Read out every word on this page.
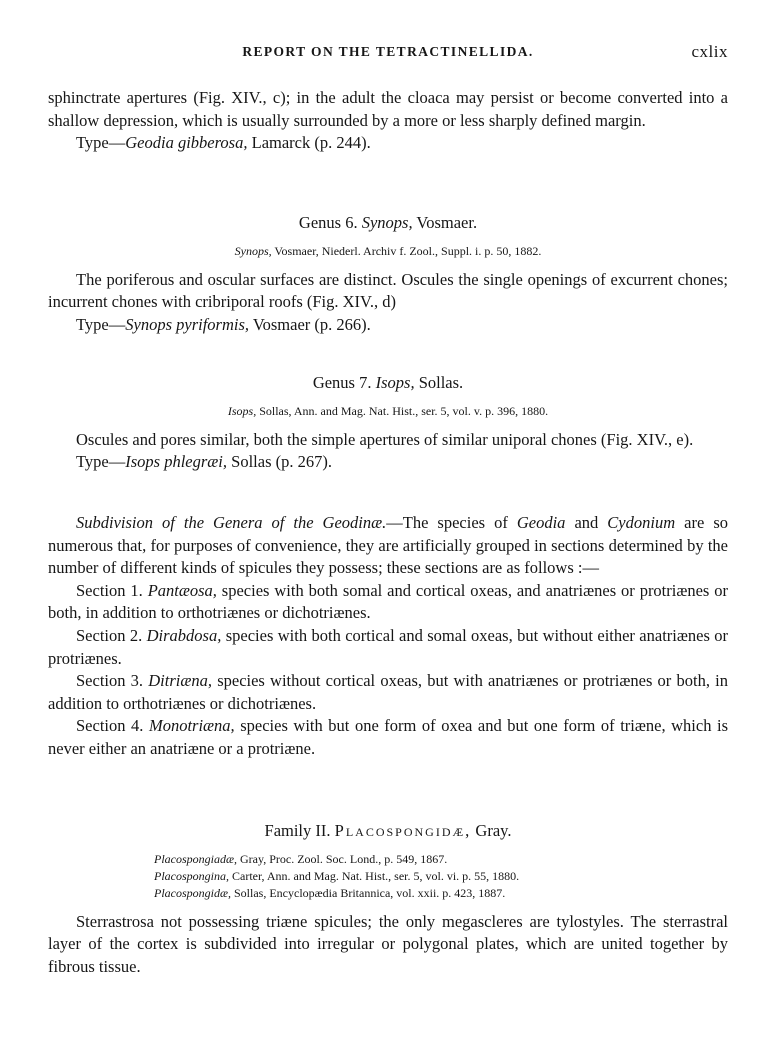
REPORT ON THE TETRACTINELLIDA.	cxlix

sphinctrate apertures (Fig. XIV., c); in the adult the cloaca may persist or become converted into a shallow depression, which is usually surrounded by a more or less sharply defined margin.

Type—Geodia gibberosa, Lamarck (p. 244).

Genus 6. Synops, Vosmaer.

Synops, Vosmaer, Niederl. Archiv f. Zool., Suppl. i. p. 50, 1882.

The poriferous and oscular surfaces are distinct. Oscules the single openings of excurrent chones; incurrent chones with cribriporal roofs (Fig. XIV., d)

Type—Synops pyriformis, Vosmaer (p. 266).

Genus 7. Isops, Sollas.

Isops, Sollas, Ann. and Mag. Nat. Hist., ser. 5, vol. v. p. 396, 1880.

Oscules and pores similar, both the simple apertures of similar uniporal chones (Fig. XIV., e).

Type—Isops phlegræi, Sollas (p. 267).

Subdivision of the Genera of the Geodinæ.—The species of Geodia and Cydonium are so numerous that, for purposes of convenience, they are artificially grouped in sections determined by the number of different kinds of spicules they possess; these sections are as follows :—

Section 1. Pantæosa, species with both somal and cortical oxeas, and anatriænes or protriænes or both, in addition to orthotriænes or dichotriænes.

Section 2. Dirabdosa, species with both cortical and somal oxeas, but without either anatriænes or protriænes.

Section 3. Ditriæna, species without cortical oxeas, but with anatriænes or protriænes or both, in addition to orthotriænes or dichotriænes.

Section 4. Monotriæna, species with but one form of oxea and but one form of triæne, which is never either an anatriæne or a protriæne.

Family II. Placospongidæ, Gray.

Placospongiadæ, Gray, Proc. Zool. Soc. Lond., p. 549, 1867.

Placospongina, Carter, Ann. and Mag. Nat. Hist., ser. 5, vol. vi. p. 55, 1880.

Placospongidæ, Sollas, Encyclopædia Britannica, vol. xxii. p. 423, 1887.

Sterrastrosa not possessing triæne spicules; the only megascleres are tylostyles. The sterrastral layer of the cortex is subdivided into irregular or polygonal plates, which are united together by fibrous tissue.
